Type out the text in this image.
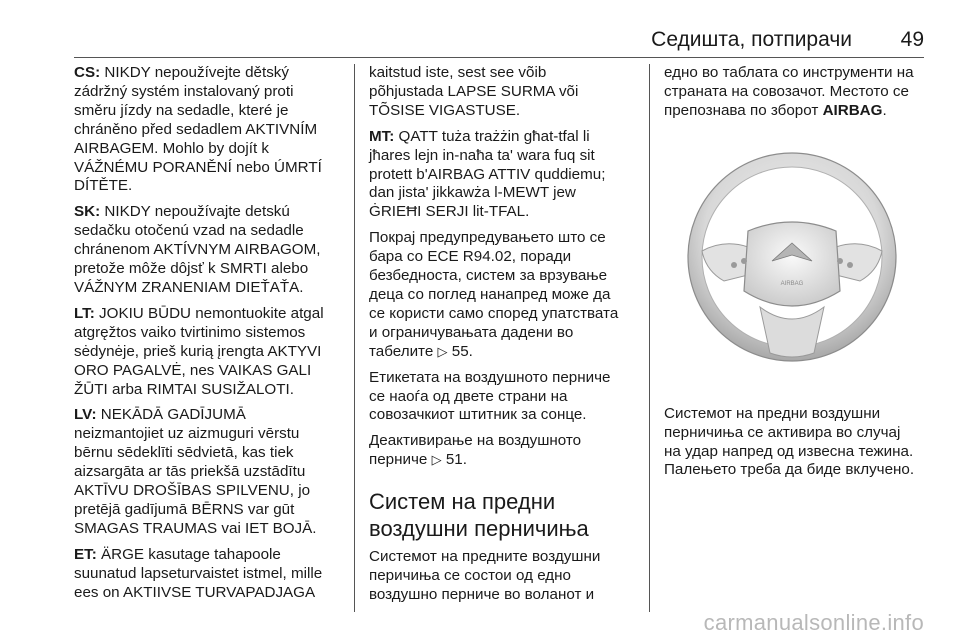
Седишта, потпирачи 49

CS: NIKDY nepoužívejte dětský
zádržný systém instalovaný proti
směru jízdy na sedadle, které je
chráněno před sedadlem AKTIVNÍM
AIRBAGEM. Mohlo by dojít k
VÁŽNÉMU PORANĚNÍ nebo ÚMRTÍ
DÍTĚTE.

SK: NIKDY nepoužívajte detskú
sedačku otočenú vzad na sedadle
chránenom AKTÍVNYM AIRBAGOM,
pretože môže dôjsť k SMRTI alebo
VÁŽNYM ZRANENIAM DIEŤAŤA.

LT: JOKIU BŪDU nemontuokite atgal
atgręžtos vaiko tvirtinimo sistemos
sėdynėje, prieš kurią įrengta AKTYVI
ORO PAGALVĖ, nes VAIKAS GALI
ŽŪTI arba RIMTAI SUSIŽALOTI.

LV: NEKĀDĀ GADĪJUMĀ
neizmantojiet uz aizmuguri vērstu
bērnu sēdeklīti sēdvietā, kas tiek
aizsargāta ar tās priekšā uzstādītu
AKTĪVU DROŠĪBAS SPILVENU, jo
pretējā gadījumā BĒRNS var gūt
SMAGAS TRAUMAS vai IET BOJĀ.

ET: ÄRGE kasutage tahapoole
suunatud lapseturvaistet istmel, mille
ees on AKTIIVSE TURVAPADJAGA

kaitstud iste, sest see võib
põhjustada LAPSE SURMA või
TÕSISE VIGASTUSE.

MT: QATT tuża trażżin għat-tfal li
jħares lejn in-naħa ta' wara fuq sit
protett b'AIRBAG ATTIV quddiemu;
dan jista' jikkawża l-MEWT jew
ĠRIEĦI SERJI lit-TFAL.

Покрај предупредувањето што се
бара со ECE R94.02, поради
безбедноста, систем за врзување
деца со поглед нанапред може да
се користи само според упатствата
и ограничувањата дадени во
табелите ▷ 55.

Етикетата на воздушното перниче
се наоѓа од двете страни на
совозачкиот штитник за сонце.

Деактивирање на воздушното
перниче ▷ 51.

Систем на предни
воздушни перничиња

Системот на предните воздушни
перичиња се состои од едно
воздушно перниче во воланот и

едно во таблата со инструменти на
страната на совозачот. Местото се
препознава по зборот AIRBAG.

AIRBAG

Системот на предни воздушни
перничиња се активира во случај
на удар напред од извесна тежина.
Палењето треба да биде вклучено.

carmanualsonline.info
